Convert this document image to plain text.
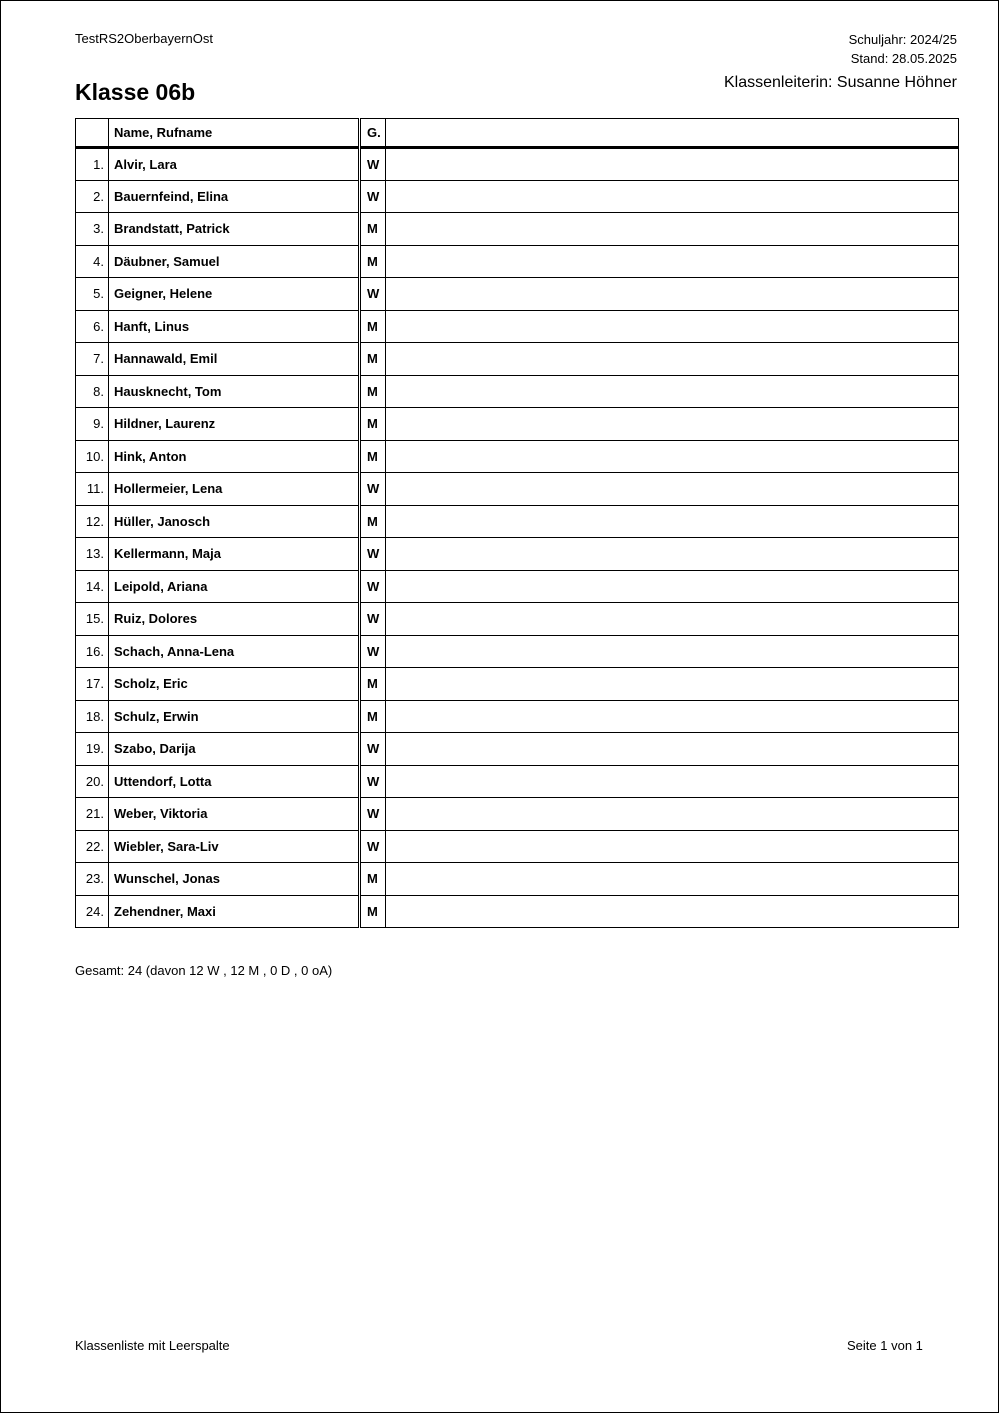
TestRS2OberbayernOst	Schuljahr: 2024/25
Stand: 28.05.2025
Klasse 06b	Klassenleiterin: Susanne Höhner
	Name, Rufname	G.	
1.	Alvir, Lara	W	
2.	Bauernfeind, Elina	W	
3.	Brandstatt, Patrick	M	
4.	Däubner, Samuel	M	
5.	Geigner, Helene	W	
6.	Hanft, Linus	M	
7.	Hannawald, Emil	M	
8.	Hausknecht, Tom	M	
9.	Hildner, Laurenz	M	
10.	Hink, Anton	M	
11.	Hollermeier, Lena	W	
12.	Hüller, Janosch	M	
13.	Kellermann, Maja	W	
14.	Leipold, Ariana	W	
15.	Ruiz, Dolores	W	
16.	Schach, Anna-Lena	W	
17.	Scholz, Eric	M	
18.	Schulz, Erwin	M	
19.	Szabo, Darija	W	
20.	Uttendorf, Lotta	W	
21.	Weber, Viktoria	W	
22.	Wiebler, Sara-Liv	W	
23.	Wunschel, Jonas	M	
24.	Zehendner, Maxi	M	
Gesamt: 24 (davon 12 W , 12 M , 0 D , 0 oA)
Klassenliste mit Leerspalte	Seite 1 von 1
